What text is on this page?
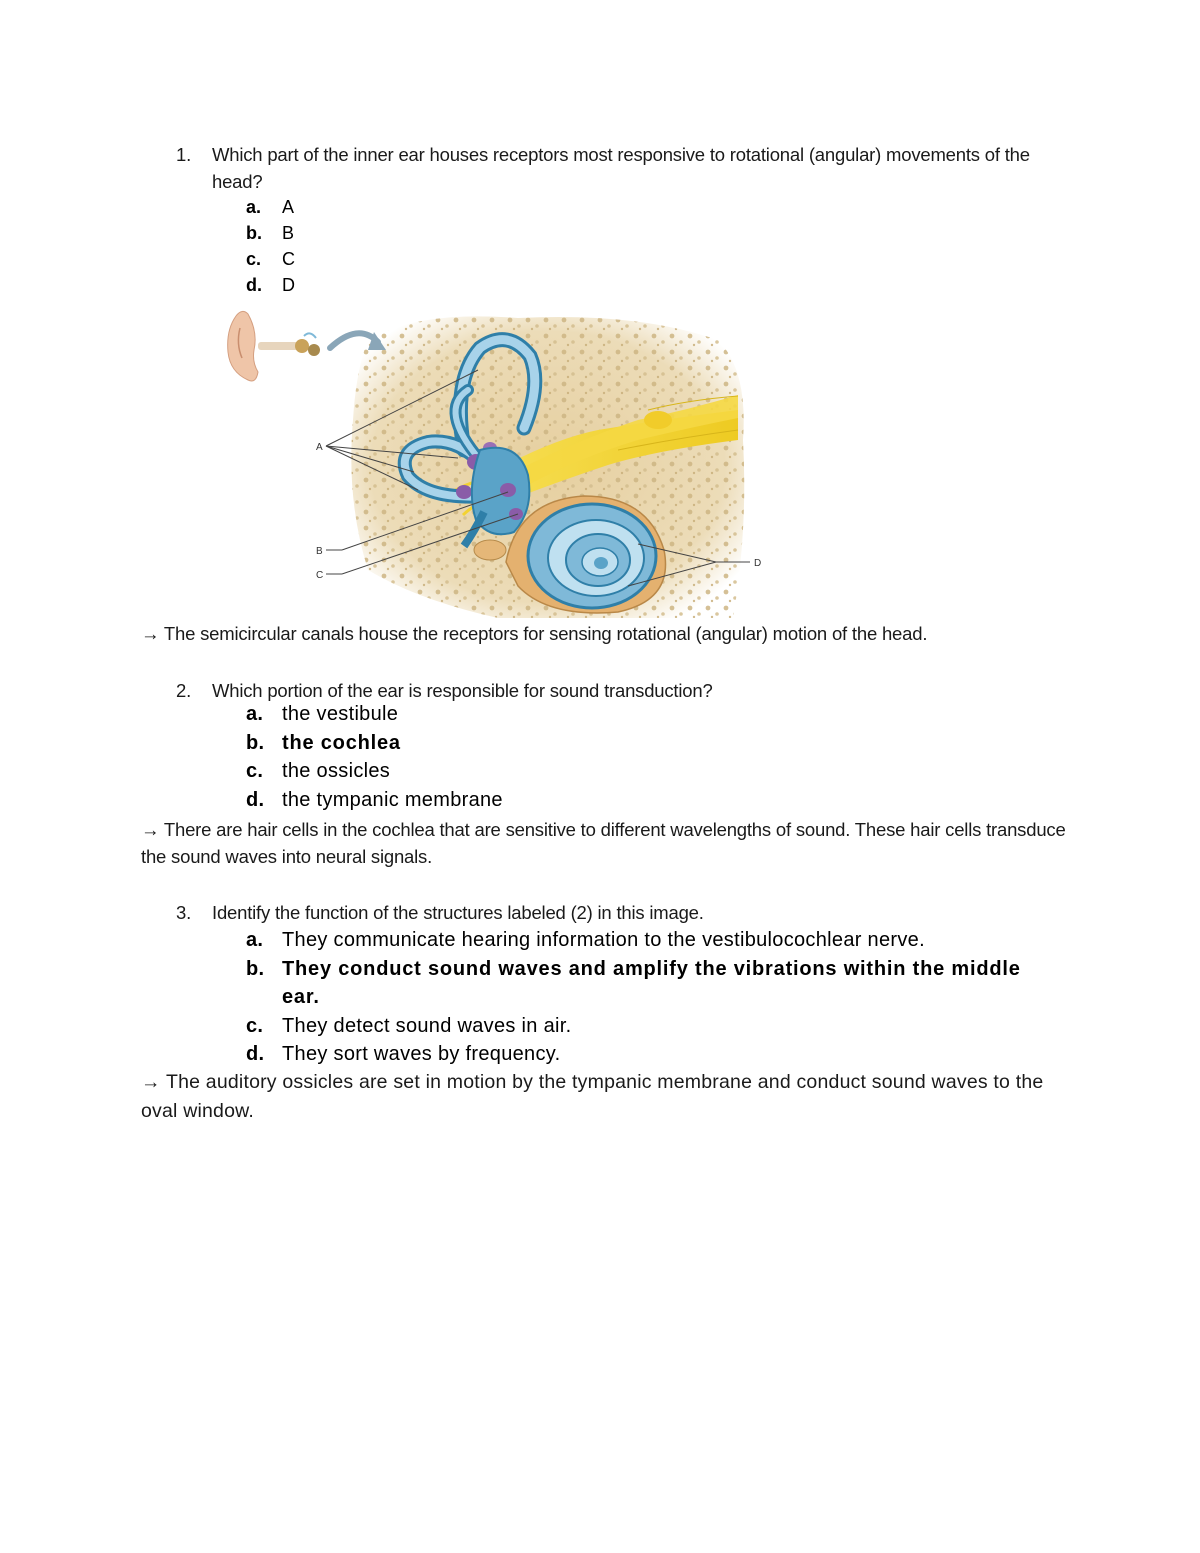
1. Which part of the inner ear houses receptors most responsive to rotational (angular) movements of the head?
a. A
b. B
c. C
d. D
A
B
C
D
→ The semicircular canals house the receptors for sensing rotational (angular) motion of the head.
2. Which portion of the ear is responsible for sound transduction?
a. the vestibule
b. the cochlea
c. the ossicles
d. the tympanic membrane
→ There are hair cells in the cochlea that are sensitive to different wavelengths of sound. These hair cells transduce the sound waves into neural signals.
3. Identify the function of the structures labeled (2) in this image.
a. They communicate hearing information to the vestibulocochlear nerve.
b. They conduct sound waves and amplify the vibrations within the middle ear.
c. They detect sound waves in air.
d. They sort waves by frequency.
→ The auditory ossicles are set in motion by the tympanic membrane and conduct sound waves to the oval window.
